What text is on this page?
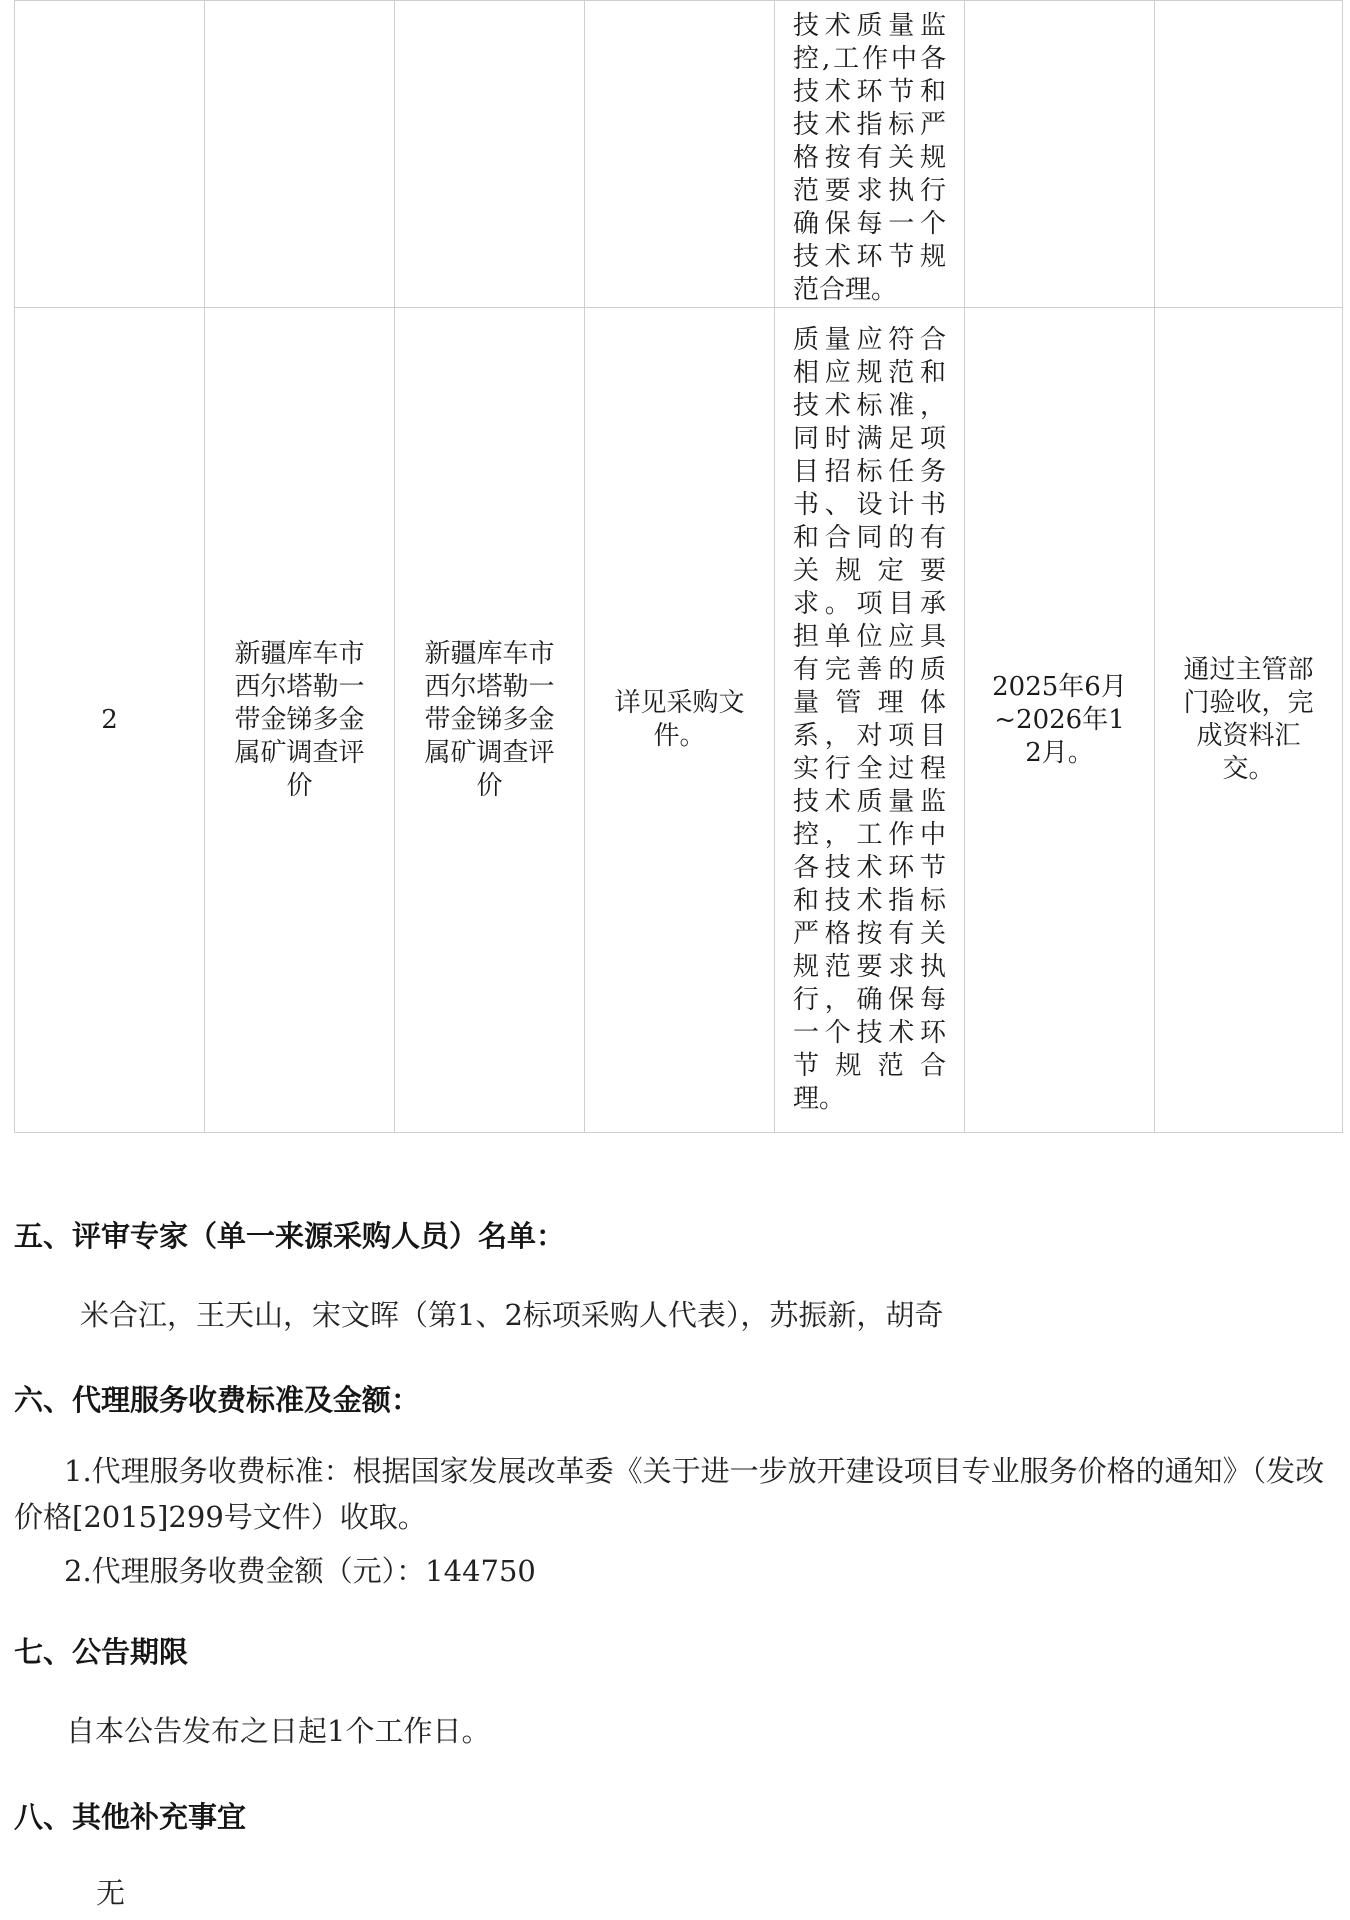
				技术质量监控,工作中各技术环节和技术指标严格按有关规范要求执行确保每一个技术环节规范合理。		
2	新疆库车市西尔塔勒一带金锑多金属矿调查评价	新疆库车市西尔塔勒一带金锑多金属矿调查评价	详见采购文件。	质量应符合相应规范和技术标准，同时满足项目招标任务书、设计书和合同的有关规定要求。项目承担单位应具有完善的质量管理体系，对项目实行全过程技术质量监控，工作中各技术环节和技术指标严格按有关规范要求执行，确保每一个技术环节规范合理。	2025年6月~2026年12月。	通过主管部门验收，完成资料汇交。
五、评审专家（单一来源采购人员）名单：

米合江，王天山，宋文晖（第1、2标项采购人代表），苏振新，胡奇

六、代理服务收费标准及金额：

1.代理服务收费标准：根据国家发展改革委《关于进一步放开建设项目专业服务价格的通知》（发改价格[2015]299号文件）收取。

2.代理服务收费金额（元）：144750

七、公告期限

自本公告发布之日起1个工作日。

八、其他补充事宜

无
